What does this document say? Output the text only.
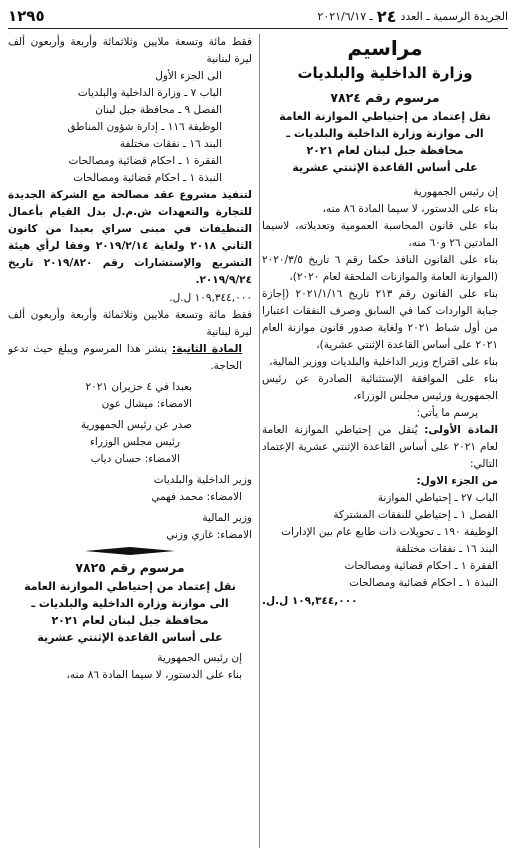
الجريدة الرسمية ـ العدد
٢٤
ـ ٢٠٢١/٦/١٧
١٢٩٥

مراسيم

وزارة الداخلية والبلديات

مرسوم رقم ٧٨٢٤

نقل إعتماد من إحتياطي الموازنة العامة

الى موازنة وزارة الداخلية والبلديات ـ

محافظة جبل لبنان لعام ٢٠٢١

على أساس القاعدة الإثنتي عشرية

إن رئيس الجمهورية

بناء على الدستور، لا سيما المادة ٨٦ منه،

بناء على قانون المحاسبة العمومية وتعديلاته، لاسيما المادتين ٢٦ و٦٠ منه،

بناء على القانون النافذ حكما رقم ٦ تاريخ ٢٠٢٠/٣/٥ (الموازنة العامة والموازنات الملحقة لعام ٢٠٢٠)،

بناء على القانون رقم ٢١٣ تاريخ ٢٠٢١/١/١٦ (إجازة جباية الواردات كما في السابق وصرف النفقات اعتبارا من أول شباط ٢٠٢١ ولغاية صدور قانون موازنة العام ٢٠٢١ على أساس القاعدة الإثنتي عشرية)،

بناء على اقتراح وزير الداخلية والبلديات ووزير المالية،

بناء على الموافقة الإستثنائية الصادرة عن رئيس الجمهورية ورئيس مجلس الوزراء،

يرسم ما يأتي:

المادة الأولى: يُنقل من إحتياطي الموازنة العامة لعام ٢٠٢١ على أساس القاعدة الإثنتي عشرية الإعتماد التالي:

من الجزء الاول:

الباب ٢٧ ـ إحتياطي الموازنة

الفصل ١ ـ إحتياطي للنفقات المشتركة

الوظيفة ١٩٠ ـ تحويلات ذات طابع عام بين الإدارات

البند ١٦ ـ نفقات مختلفة

الفقرة ١ ـ احكام قضائية ومصالحات

النبذة ١ ـ احكام قضائية ومصالحات

١٠٩,٣٤٤,٠٠٠ ل.ل.

فقط مائة وتسعة ملايين وثلاثمائة وأربعة وأربعون ألف ليرة لبنانية

الى الجزء الأول

الباب ٧ ـ وزارة الداخلية والبلديات

الفصل ٩ ـ محافظة جبل لبنان

الوظيفة ١١٦ ـ إدارة شؤون المناطق

البند ١٦ ـ نفقات مختلفة

الفقرة ١ ـ احكام قضائية ومصالحات

النبذة ١ ـ احكام قضائية ومصالحات

لتنفيذ مشروع عقد مصالحة مع الشركة الجديدة للتجارة والتعهدات ش.م.ل بدل القيام بأعمال التنظيفات في مبنى سراي بعبدا من كانون الثاني ٢٠١٨ ولغاية ٢٠١٩/٢/١٤ وفقا لرأي هيئة التشريع والإستشارات رقم ٢٠١٩/٨٢٠ تاريخ ٢٠١٩/٩/٢٤.

١٠٩,٣٤٤,٠٠٠ ل.ل.

فقط مائة وتسعة ملايين وثلاثمائة وأربعة وأربعون ألف ليرة لبنانية

المادة الثانية: ينشر هذا المرسوم ويبلغ حيث تدعو الحاجة.

بعبدا في ٤ حزيران ٢٠٢١

الامضاء: ميشال عون

صدر عن رئيس الجمهورية

رئيس مجلس الوزراء

الامضاء: حسان دياب

وزير الداخلية والبلديات

الامضاء: محمد فهمي

وزير المالية

الامضاء: غازي وزني

مرسوم رقم ٧٨٢٥

نقل إعتماد من إحتياطي الموازنة العامة

الى موازنة وزارة الداخلية والبلديات ـ

محافظة جبل لبنان لعام ٢٠٢١

على أساس القاعدة الإثنتي عشرية

إن رئيس الجمهورية

بناء على الدستور، لا سيما المادة ٨٦ منه،
